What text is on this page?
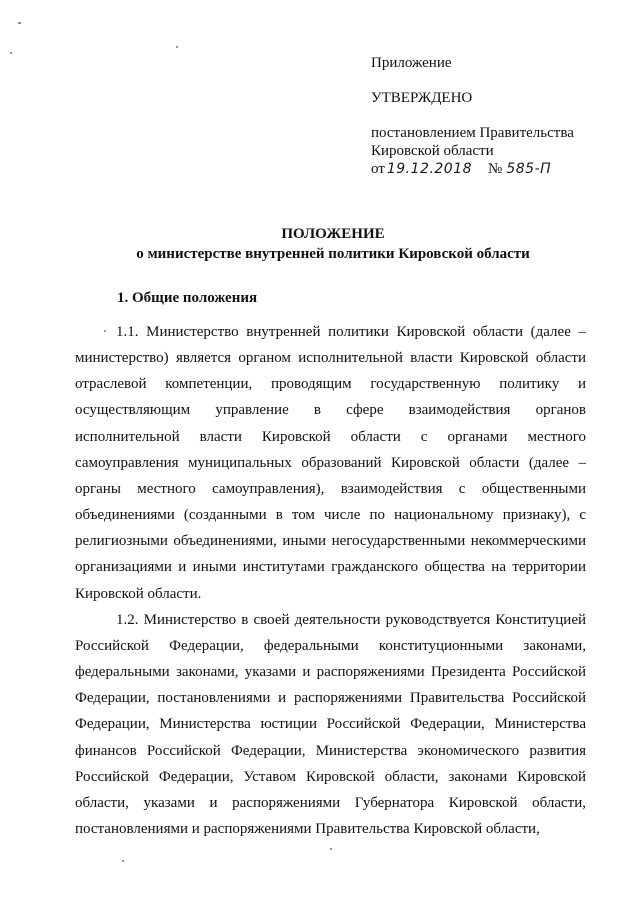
Приложение
УТВЕРЖДЕНО
постановлением Правительства
Кировской области
от 19.12.2018 № 585-П
ПОЛОЖЕНИЕ
о министерстве внутренней политики Кировской области
1. Общие положения

1.1. Министерство внутренней политики Кировской области (далее – министерство) является органом исполнительной власти Кировской области отраслевой компетенции, проводящим государственную политику и осуществляющим управление в сфере взаимодействия органов исполнительной власти Кировской области с органами местного самоуправления муниципальных образований Кировской области (далее – органы местного самоуправления), взаимодействия с общественными объединениями (созданными в том числе по национальному признаку), с религиозными объединениями, иными негосударственными некоммерческими организациями и иными институтами гражданского общества на территории Кировской области.

1.2. Министерство в своей деятельности руководствуется Конституцией Российской Федерации, федеральными конституционными законами, федеральными законами, указами и распоряжениями Президента Российской Федерации, постановлениями и распоряжениями Правительства Российской Федерации, Министерства юстиции Российской Федерации, Министерства финансов Российской Федерации, Министерства экономического развития Российской Федерации, Уставом Кировской области, законами Кировской области, указами и распоряжениями Губернатора Кировской области, постановлениями и распоряжениями Правительства Кировской области,
